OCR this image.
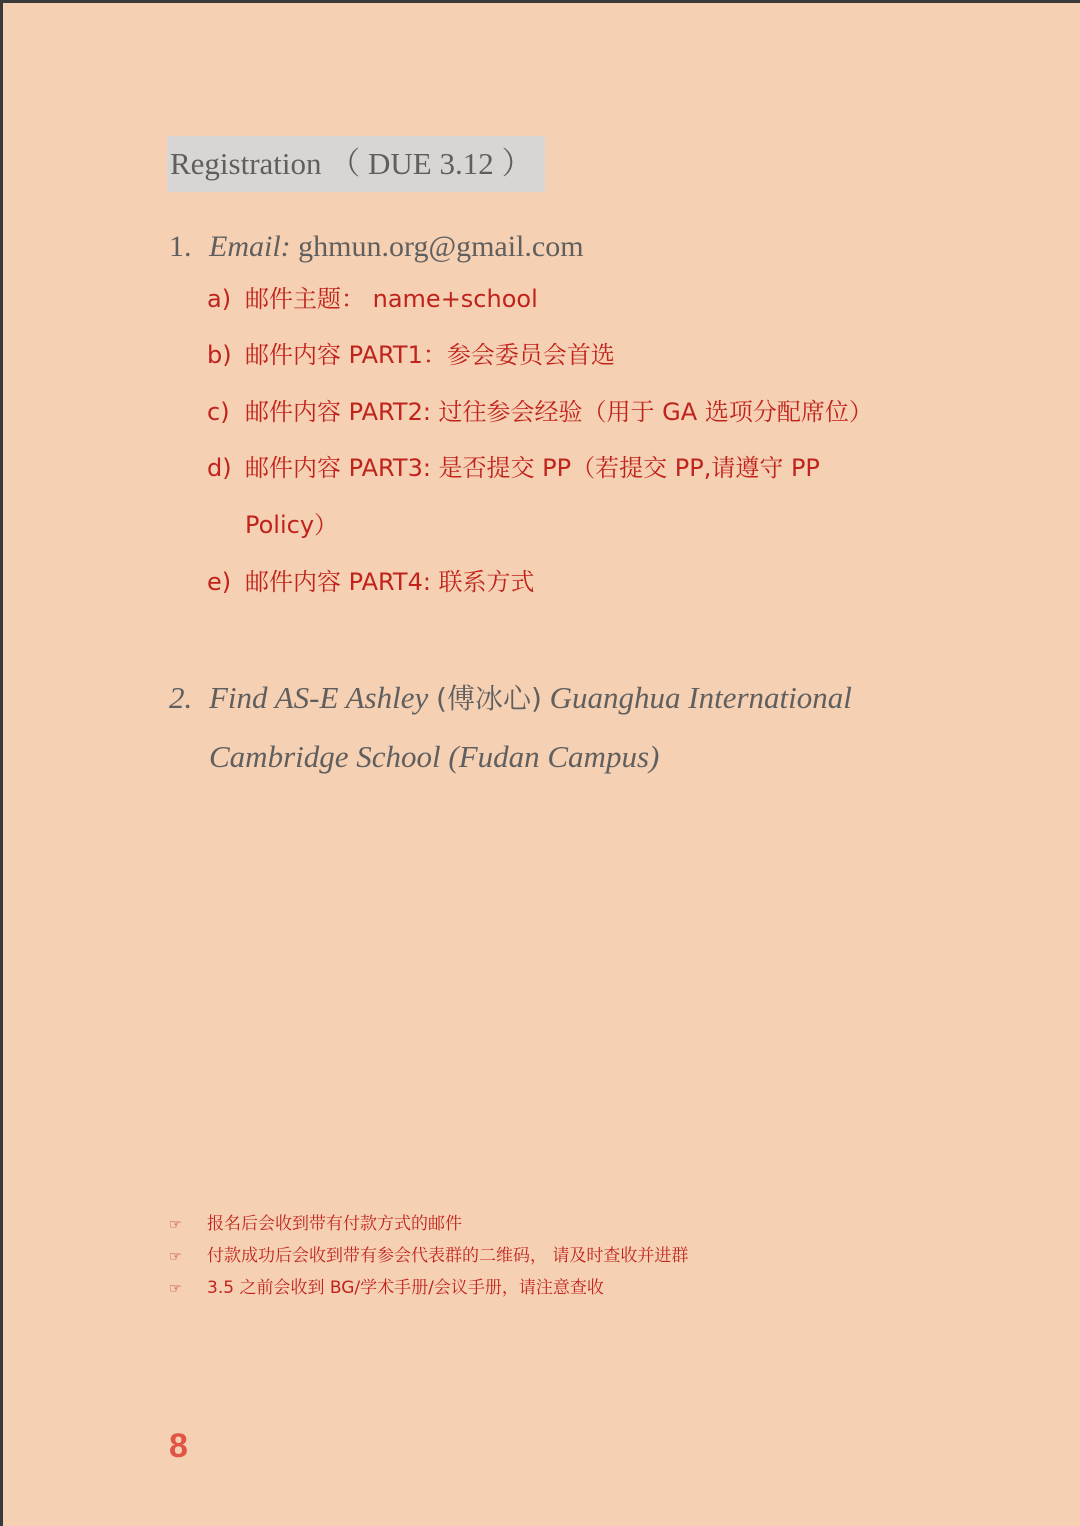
Registration （ DUE 3.12 ）
1. Email: ghmun.org@gmail.com
a) 邮件主题： name+school
b) 邮件内容 PART1：参会委员会首选
c) 邮件内容 PART2: 过往参会经验（用于 GA 选项分配席位）
d) 邮件内容 PART3: 是否提交 PP（若提交 PP,请遵守 PP
Policy）
e) 邮件内容 PART4: 联系方式
2. Find AS-E Ashley (傅冰心) Guanghua International
Cambridge School (Fudan Campus)
☞ 报名后会收到带有付款方式的邮件
☞ 付款成功后会收到带有参会代表群的二维码， 请及时查收并进群
☞ 3.5 之前会收到 BG/学术手册/会议手册，请注意查收
8
